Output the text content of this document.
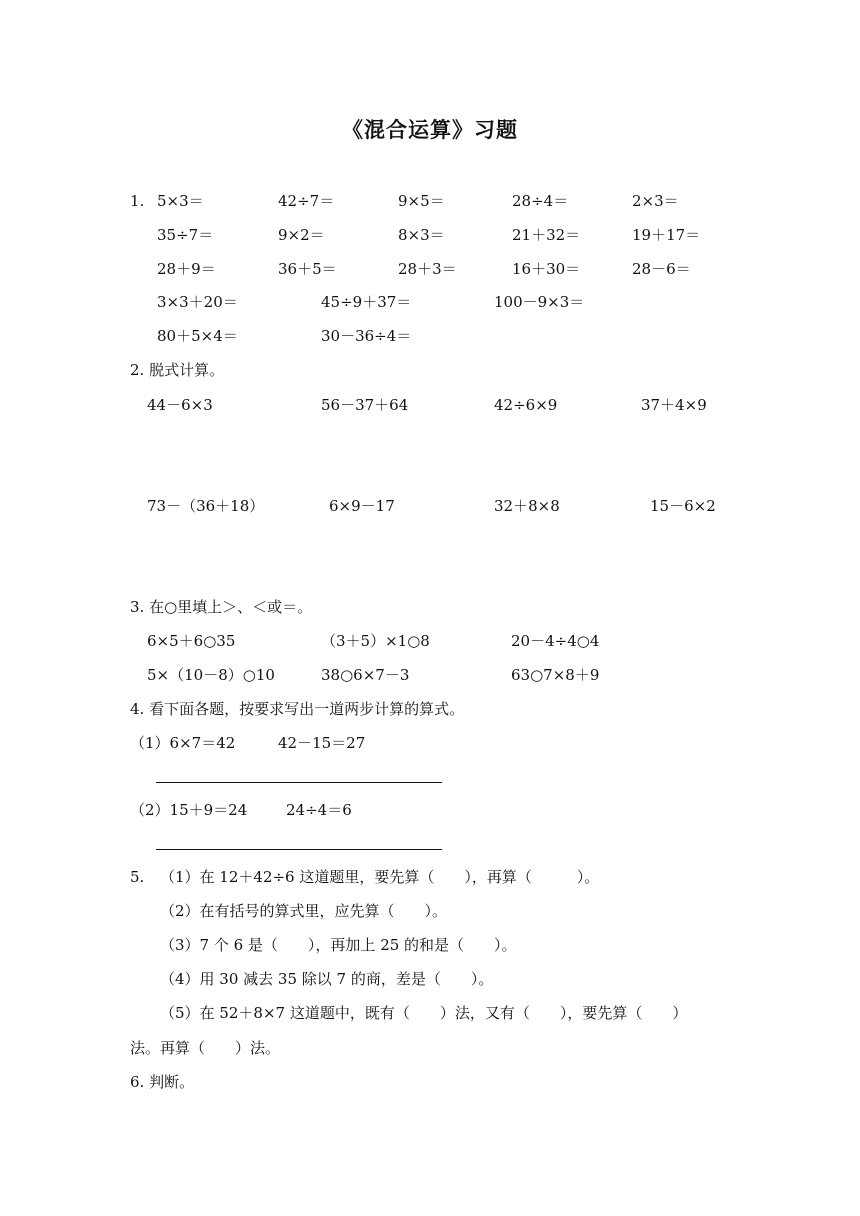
《混合运算》习题
1. 5×3＝	42÷7＝	9×5＝	28÷4＝	2×3＝
35÷7＝	9×2＝	8×3＝	21＋32＝	19＋17＝
28＋9＝	36＋5＝	28＋3＝	16＋30＝	28－6＝
3×3＋20＝	45÷9＋37＝	100－9×3＝
80＋5×4＝	30－36÷4＝
2. 脱式计算。
44－6×3	56－37＋64	42÷6×9	37＋4×9
73－（36＋18）	6×9－17	32＋8×8	15－6×2
3. 在○里填上＞、＜或＝。
6×5＋6○35	（3＋5）×1○8	20－4÷4○4
5×（10－8）○10	38○6×7－3	63○7×8＋9
4. 看下面各题，按要求写出一道两步计算的算式。
（1）6×7＝42	42－15＝27
（2）15＋9＝24	24÷4＝6
5. （1）在 12＋42÷6 这道题里，要先算（　　），再算（　　　）。
（2）在有括号的算式里，应先算（　　）。
（3）7 个 6 是（　　），再加上 25 的和是（　　）。
（4）用 30 减去 35 除以 7 的商，差是（　　）。
（5）在 52＋8×7 这道题中，既有（　　）法，又有（　　），要先算（　　）
法。再算（　　）法。
6. 判断。
